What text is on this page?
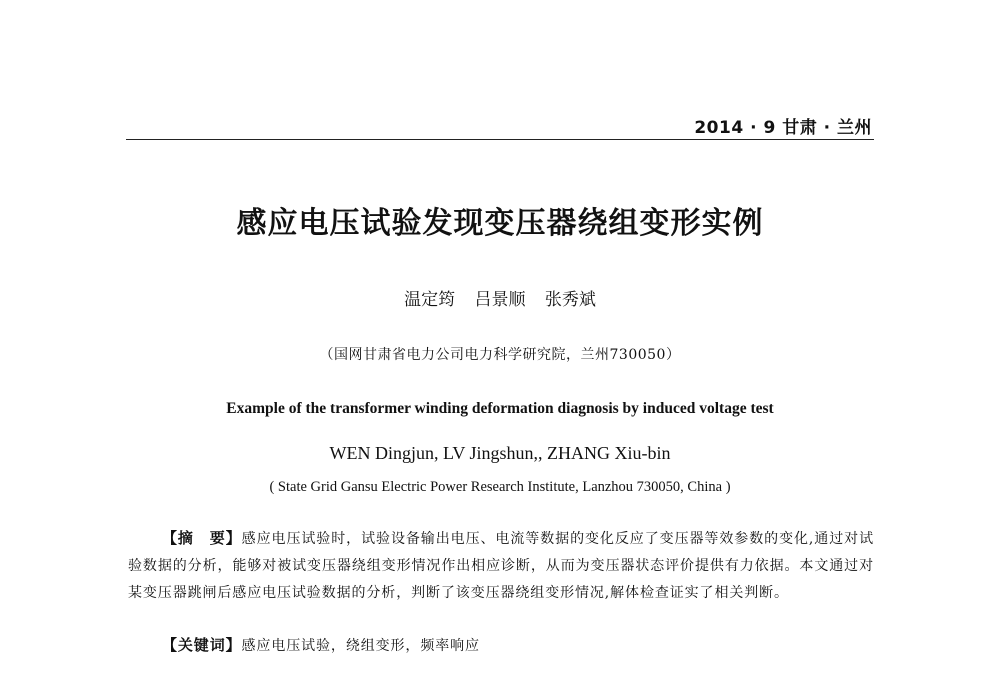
2014 · 9 甘肃 · 兰州
感应电压试验发现变压器绕组变形实例
温定筠 吕景顺 张秀斌
（国网甘肃省电力公司电力科学研究院，兰州730050）
Example of the transformer winding deformation diagnosis by induced voltage test
WEN Dingjun, LV Jingshun,, ZHANG Xiu-bin
( State Grid Gansu Electric Power Research Institute, Lanzhou 730050, China )
【摘　要】感应电压试验时，试验设备输出电压、电流等数据的变化反应了变压器等效参数的变化,通过对试验数据的分析，能够对被试变压器绕组变形情况作出相应诊断，从而为变压器状态评价提供有力依据。本文通过对某变压器跳闸后感应电压试验数据的分析，判断了该变压器绕组变形情况,解体检查证实了相关判断。
【关键词】感应电压试验，绕组变形，频率响应
